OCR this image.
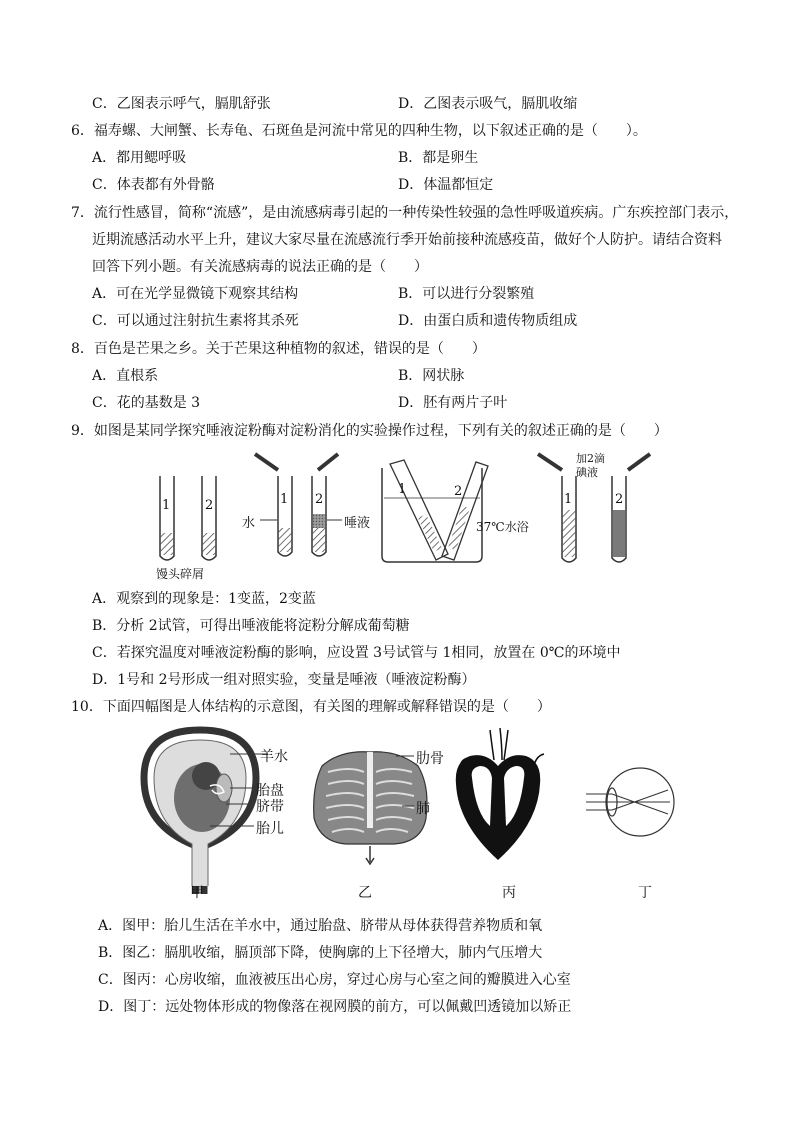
C．乙图表示呼气，膈肌舒张	D．乙图表示吸气，膈肌收缩
6．福寿螺、大闸蟹、长寿龟、石斑鱼是河流中常见的四种生物，以下叙述正确的是（　　）。
A．都用鳃呼吸	B．都是卵生
C．体表都有外骨骼	D．体温都恒定
7．流行性感冒，简称“流感”，是由流感病毒引起的一种传染性较强的急性呼吸道疾病。广东疾控部门表示，
近期流感活动水平上升，建议大家尽量在流感流行季开始前接种流感疫苗，做好个人防护。请结合资料
回答下列小题。有关流感病毒的说法正确的是（　　）
A．可在光学显微镜下观察其结构	B．可以进行分裂繁殖
C．可以通过注射抗生素将其杀死	D．由蛋白质和遗传物质组成
8．百色是芒果之乡。关于芒果这种植物的叙述，错误的是（　　）
A．直根系	B．网状脉
C．花的基数是 3	D．胚有两片子叶
9．如图是某同学探究唾液淀粉酶对淀粉消化的实验操作过程，下列有关的叙述正确的是（　　）
1	2
馒头碎屑
1 2
水	唾液
1	2
37℃水浴
加2滴
碘液
1	2
A．观察到的现象是：1变蓝，2变蓝
B．分析 2试管，可得出唾液能将淀粉分解成葡萄糖
C．若探究温度对唾液淀粉酶的影响，应设置 3号试管与 1相同，放置在 0℃的环境中
D．1号和 2号形成一组对照实验，变量是唾液（唾液淀粉酶）
10．下面四幅图是人体结构的示意图，有关图的理解或解释错误的是（　　）
羊水
胎盘
脐带
胎儿
肋骨
肺
甲	乙	丙	丁
A．图甲：胎儿生活在羊水中，通过胎盘、脐带从母体获得营养物质和氧
B．图乙：膈肌收缩，膈顶部下降，使胸廓的上下径增大，肺内气压增大
C．图丙：心房收缩，血液被压出心房，穿过心房与心室之间的瓣膜进入心室
D．图丁：远处物体形成的物像落在视网膜的前方，可以佩戴凹透镜加以矫正
